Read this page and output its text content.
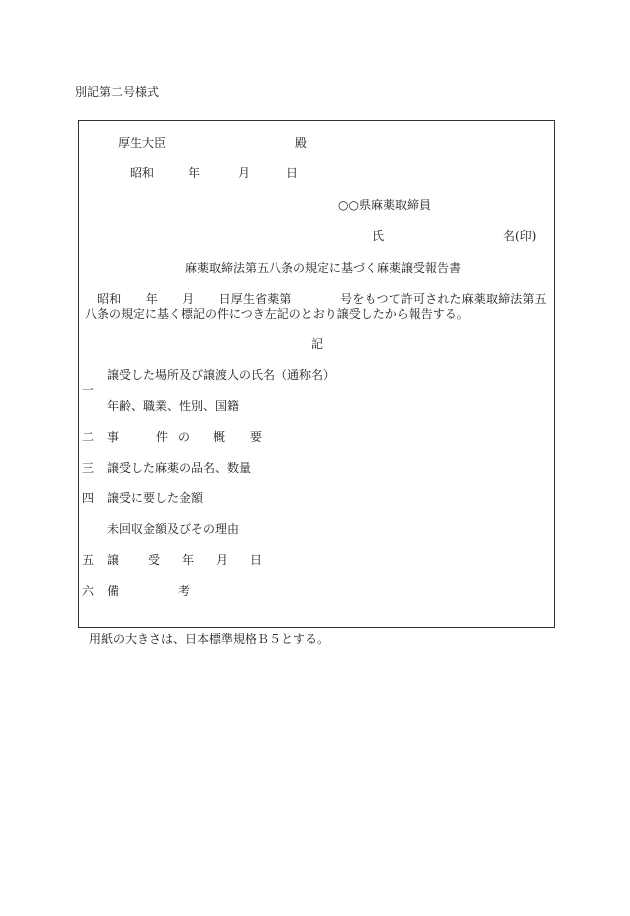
別記第二号様式
厚生大臣	殿
昭和	年	月	日
○○県麻薬取締員
氏	名(印)
麻薬取締法第五八条の規定に基づく麻薬譲受報告書
　昭和　　年　　月　　日厚生省薬第　　　　号をもつて許可された麻薬取締法第五
八条の規定に基く標記の件につき左記のとおり譲受したから報告する。
記
一
譲受した場所及び譲渡人の氏名（通称名）
年齢、職業、性別、国籍
二 事	件 の 概 要
三 譲受した麻薬の品名、数量
四 譲受に要した金額
未回収金額及びその理由
五 譲 受 年 月 日
六 備	考
用紙の大きさは、日本標準規格Ｂ５とする。
